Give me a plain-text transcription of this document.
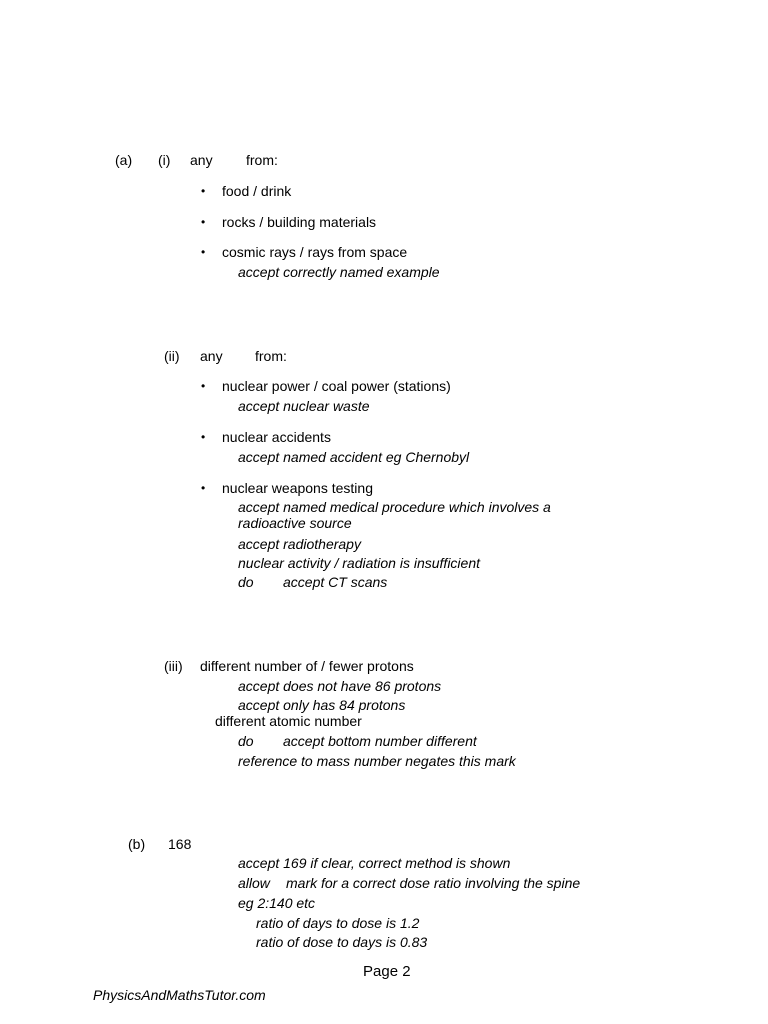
(a) (i) any from:
• food / drink
• rocks / building materials
• cosmic rays / rays from space
accept correctly named example
(ii) any from:
• nuclear power / coal power (stations)
accept nuclear waste
• nuclear accidents
accept named accident eg Chernobyl
• nuclear weapons testing
accept named medical procedure which involves a
radioactive source
accept radiotherapy
nuclear activity / radiation is insufficient
do accept CT scans
(iii) different number of / fewer protons
accept does not have 86 protons
accept only has 84 protons
different atomic number
do accept bottom number different
reference to mass number negates this mark
(b) 168
accept 169 if clear, correct method is shown
allow mark for a correct dose ratio involving the spine
eg 2:140 etc
ratio of days to dose is 1.2
ratio of dose to days is 0.83
Page 2
PhysicsAndMathsTutor.com
